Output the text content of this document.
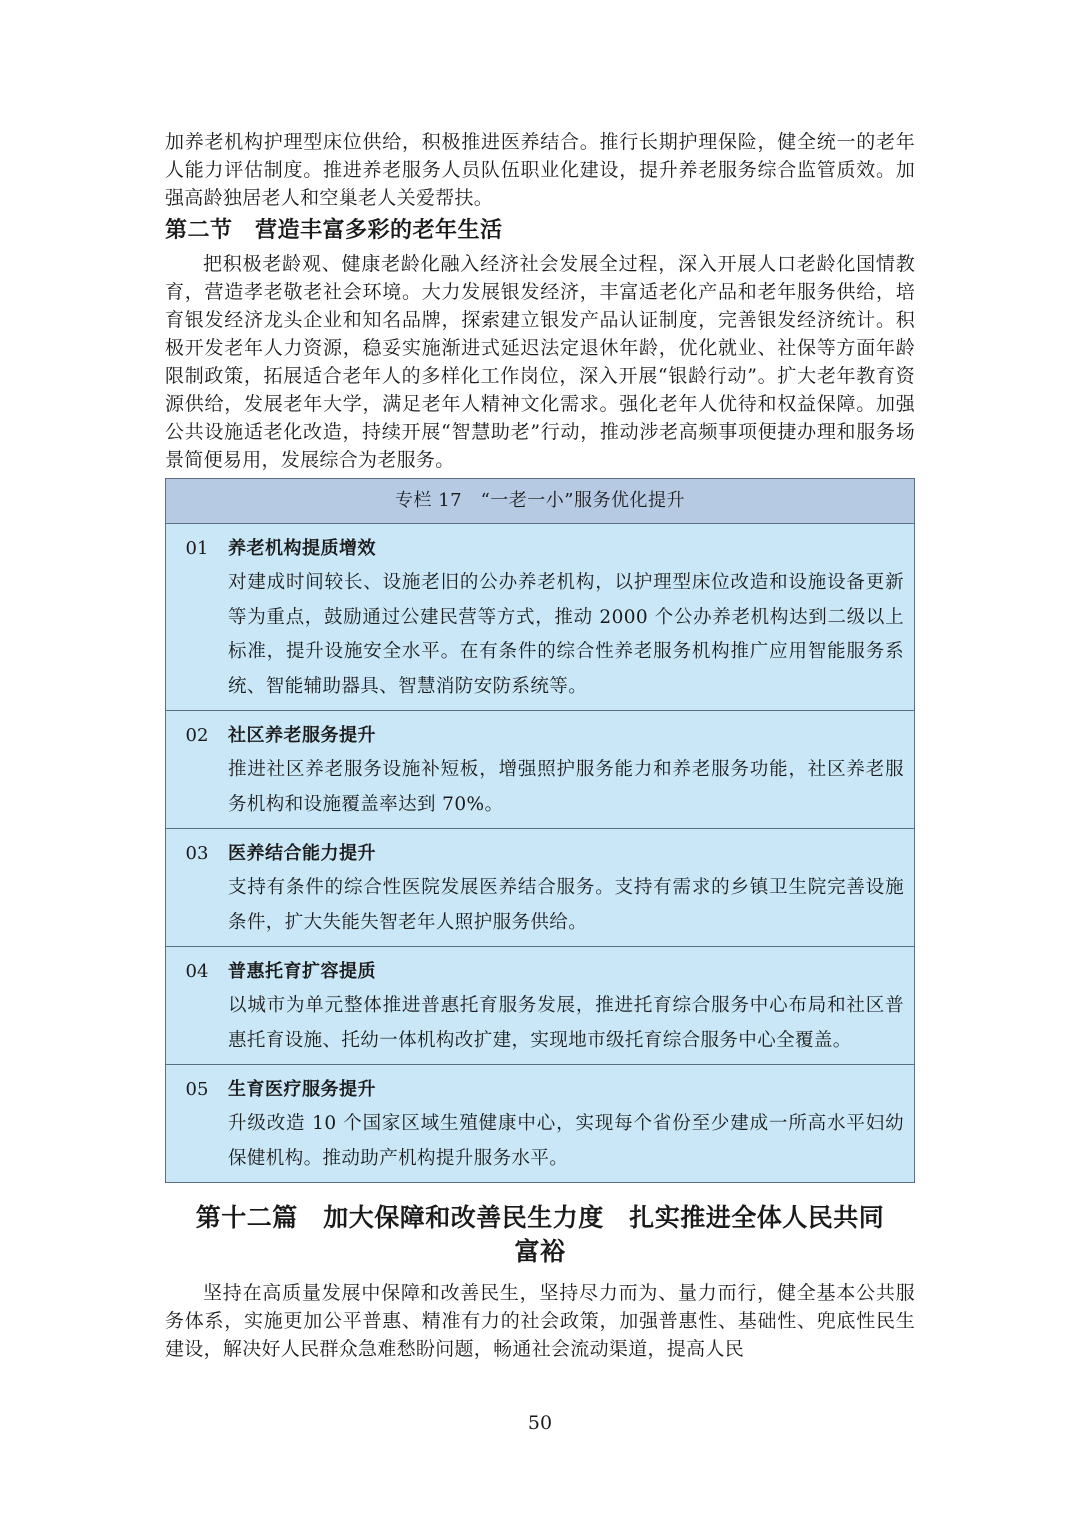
加养老机构护理型床位供给，积极推进医养结合。推行长期护理保险，健全统一的老年人能力评估制度。推进养老服务人员队伍职业化建设，提升养老服务综合监管质效。加强高龄独居老人和空巢老人关爱帮扶。

第二节　营造丰富多彩的老年生活

把积极老龄观、健康老龄化融入经济社会发展全过程，深入开展人口老龄化国情教育，营造孝老敬老社会环境。大力发展银发经济，丰富适老化产品和老年服务供给，培育银发经济龙头企业和知名品牌，探索建立银发产品认证制度，完善银发经济统计。积极开发老年人力资源，稳妥实施渐进式延迟法定退休年龄，优化就业、社保等方面年龄限制政策，拓展适合老年人的多样化工作岗位，深入开展“银龄行动”。扩大老年教育资源供给，发展老年大学，满足老年人精神文化需求。强化老年人优待和权益保障。加强公共设施适老化改造，持续开展“智慧助老”行动，推动涉老高频事项便捷办理和服务场景简便易用，发展综合为老服务。

专栏 17　“一老一小”服务优化提升
01	养老机构提质增效
对建成时间较长、设施老旧的公办养老机构，以护理型床位改造和设施设备更新等为重点，鼓励通过公建民营等方式，推动 2000 个公办养老机构达到二级以上标准，提升设施安全水平。在有条件的综合性养老服务机构推广应用智能服务系统、智能辅助器具、智慧消防安防系统等。
02	社区养老服务提升
推进社区养老服务设施补短板，增强照护服务能力和养老服务功能，社区养老服务机构和设施覆盖率达到 70%。
03	医养结合能力提升
支持有条件的综合性医院发展医养结合服务。支持有需求的乡镇卫生院完善设施条件，扩大失能失智老年人照护服务供给。
04	普惠托育扩容提质
以城市为单元整体推进普惠托育服务发展，推进托育综合服务中心布局和社区普惠托育设施、托幼一体机构改扩建，实现地市级托育综合服务中心全覆盖。
05	生育医疗服务提升
升级改造 10 个国家区域生殖健康中心，实现每个省份至少建成一所高水平妇幼保健机构。推动助产机构提升服务水平。
第十二篇　加大保障和改善民生力度　扎实推进全体人民共同
富裕

坚持在高质量发展中保障和改善民生，坚持尽力而为、量力而行，健全基本公共服务体系，实施更加公平普惠、精准有力的社会政策，加强普惠性、基础性、兜底性民生建设，解决好人民群众急难愁盼问题，畅通社会流动渠道，提高人民

50
